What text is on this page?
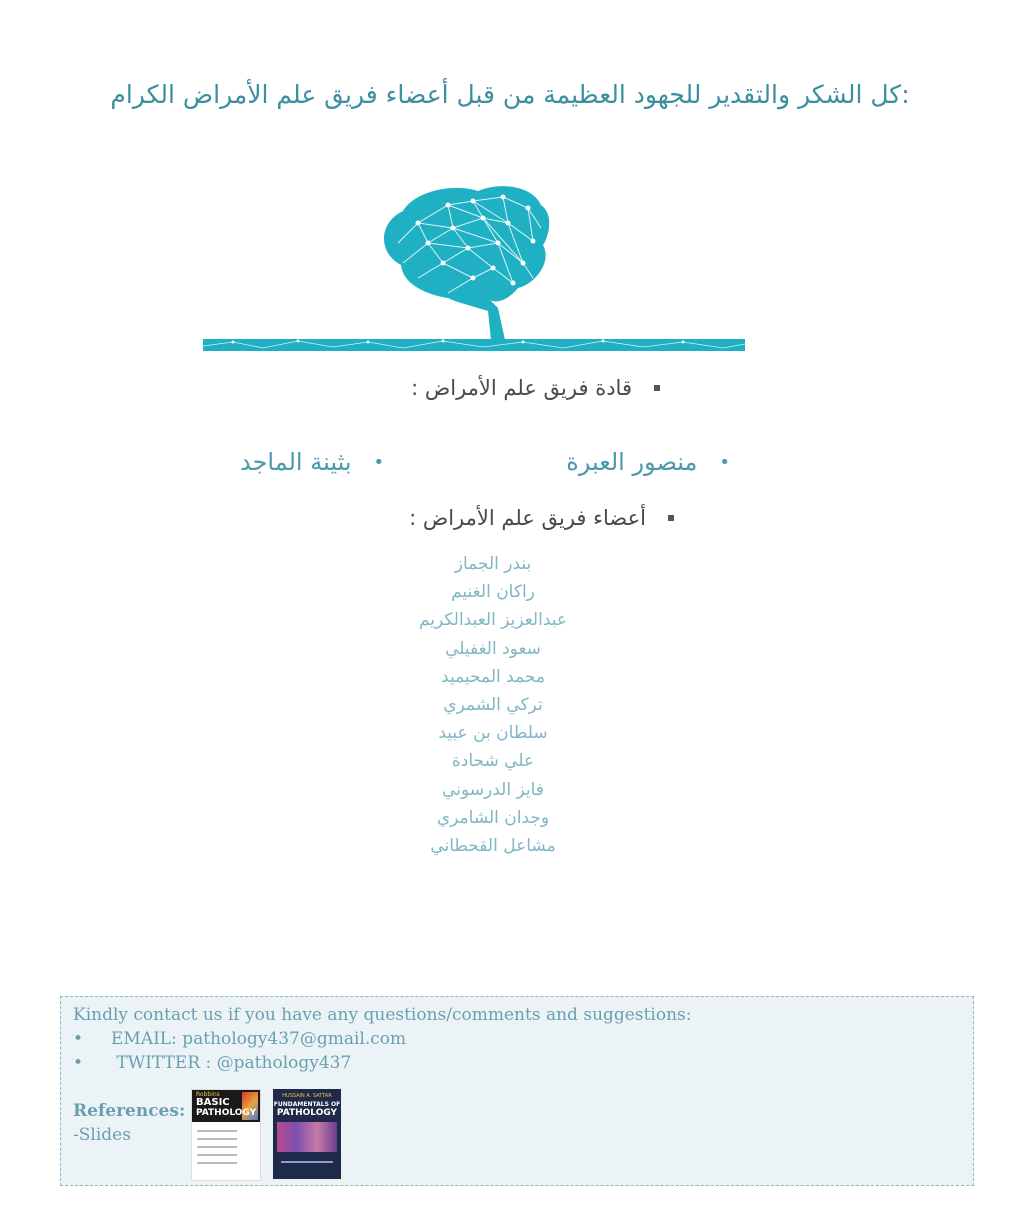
:كل الشكر والتقدير للجهود العظيمة من قبل أعضاء فريق علم الأمراض الكرام
قادة فريق علم الأمراض :
•
منصور العبرة
•
بثينة الماجد
أعضاء فريق علم الأمراض :
بندر الجماز
راكان الغنيم
عبدالعزيز العبدالكريم
سعود الغفيلي
محمد المحيميد
تركي الشمري
سلطان بن عبيد
علي شحادة
فايز الدرسوني
وجدان الشامري
مشاعل القحطاني
Kindly contact us if you have any questions/comments and suggestions:
• EMAIL: pathology437@gmail.com
• TWITTER : @pathology437
References:
-Slides
Robbins
BASIC
PATHOLOGY
HUSSAIN A. SATTAR
FUNDAMENTALS OF
PATHOLOGY
